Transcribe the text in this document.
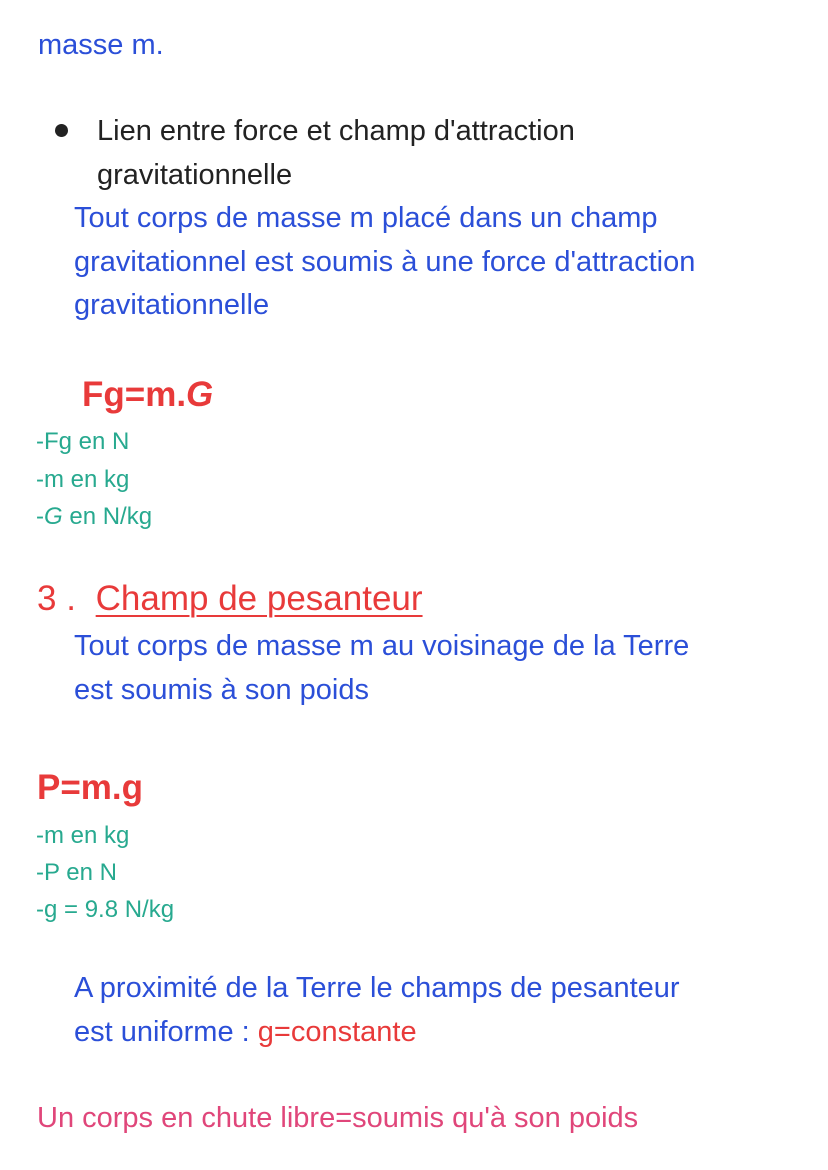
masse m.
Lien entre force et champ d'attraction
gravitationnelle
Tout corps de masse m placé dans un champ
gravitationnel est soumis à une force d'attraction
gravitationnelle
Fg=m.G
-Fg en N
-m en kg
-G en N/kg
3 . Champ de pesanteur
Tout corps de masse m au voisinage de la Terre
est soumis à son poids
P=m.g
-m en kg
-P en N
-g = 9.8 N/kg
A proximité de la Terre le champs de pesanteur
est uniforme : g=constante
Un corps en chute libre=soumis qu'à son poids
